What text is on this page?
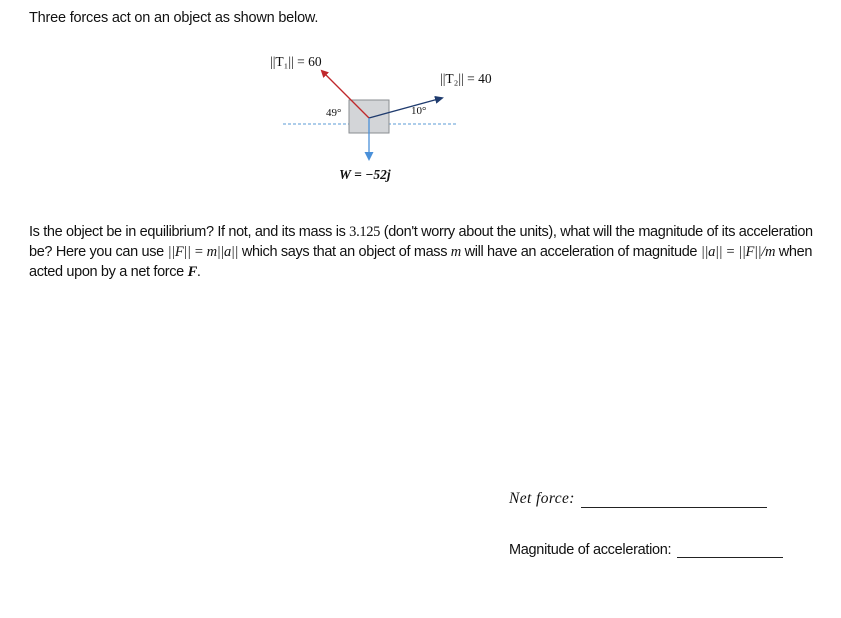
Three forces act on an object as shown below.
||T₁|| = 60
||T₂|| = 40
49°	10°
W = −52j
Is the object be in equilibrium? If not, and its mass is 3.125 (don't worry about the units), what will the magnitude of its acceleration be? Here you can use ||F|| = m||a|| which says that an object of mass m will have an acceleration of magnitude ||a|| = ||F||/m when acted upon by a net force F.
Net force:
Magnitude of acceleration:
